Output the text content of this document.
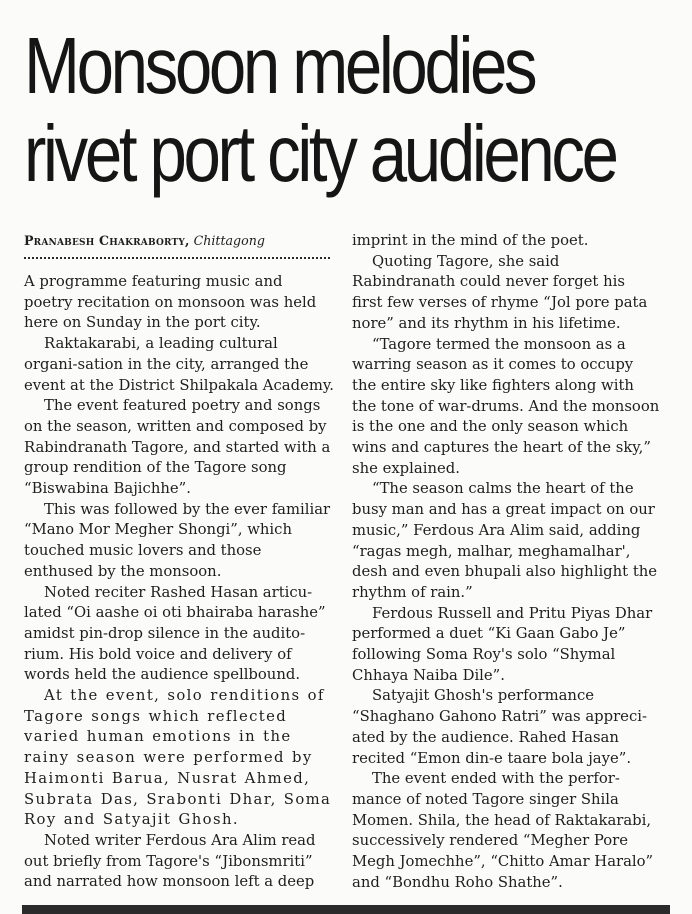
Monsoon melodies
rivet port city audience

Pranabesh Chakraborty, Chittagong

A programme featuring music and poetry recitation on monsoon was held here on Sunday in the port city.

Raktakarabi, a leading cultural organi-sation in the city, arranged the event at the District Shilpakala Academy.

The event featured poetry and songs on the season, written and composed by Rabindranath Tagore, and started with a group rendition of the Tagore song “Biswabina Bajichhe”.

This was followed by the ever familiar “Mano Mor Megher Shongi”, which touched music lovers and those enthused by the monsoon.

Noted reciter Rashed Hasan articu-lated “Oi aashe oi oti bhairaba harashe” amidst pin-drop silence in the audito-rium. His bold voice and delivery of words held the audience spellbound.

At the event, solo renditions of Tagore songs which reflected varied human emotions in the rainy season were performed by Haimonti Barua, Nusrat Ahmed, Subrata Das, Srabonti Dhar, Soma Roy and Satyajit Ghosh.

Noted writer Ferdous Ara Alim read out briefly from Tagore's “Jibonsmriti” and narrated how monsoon left a deep

imprint in the mind of the poet.

Quoting Tagore, she said Rabindranath could never forget his first few verses of rhyme “Jol pore pata nore” and its rhythm in his lifetime.

“Tagore termed the monsoon as a warring season as it comes to occupy the entire sky like fighters along with the tone of war-drums. And the monsoon is the one and the only season which wins and captures the heart of the sky,” she explained.

“The season calms the heart of the busy man and has a great impact on our music,” Ferdous Ara Alim said, adding “ragas megh, malhar, meghamalhar', desh and even bhupali also highlight the rhythm of rain.”

Ferdous Russell and Pritu Piyas Dhar performed a duet “Ki Gaan Gabo Je” following Soma Roy's solo “Shymal Chhaya Naiba Dile”.

Satyajit Ghosh's performance “Shaghano Gahono Ratri” was appreci-ated by the audience. Rahed Hasan recited “Emon din-e taare bola jaye”.

The event ended with the perfor-mance of noted Tagore singer Shila Momen. Shila, the head of Raktakarabi, successively rendered “Megher Pore Megh Jomechhe”, “Chitto Amar Haralo” and “Bondhu Roho Shathe”.
